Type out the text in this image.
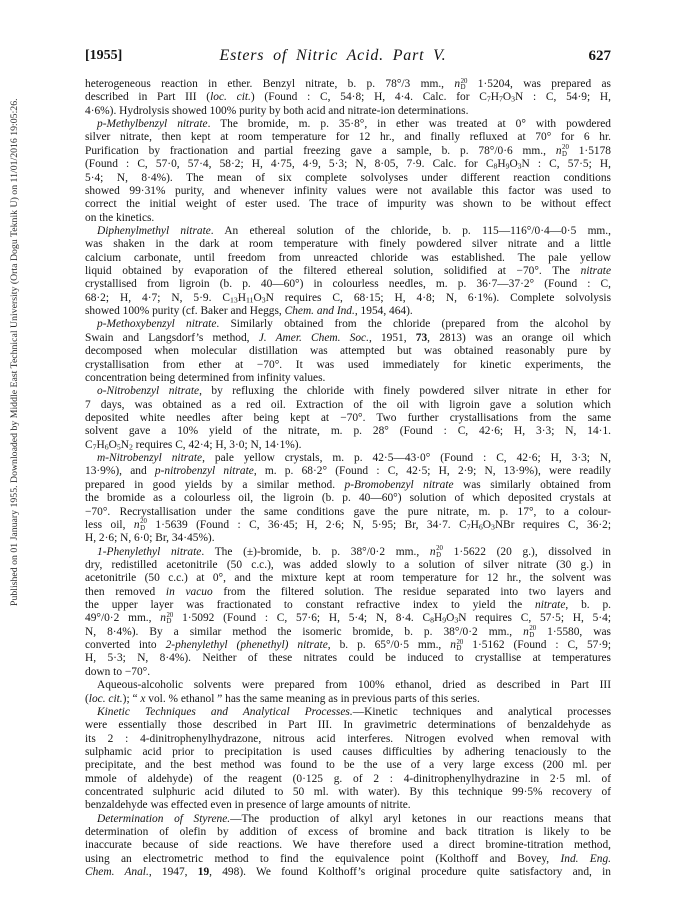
Published on 01 January 1955. Downloaded by Middle East Technical University (Orta Dogu Teknik U) on 11/01/2016 19:05:26.
[1955]	Esters of Nitric Acid. Part V.	627
heterogeneous reaction in ether. Benzyl nitrate, b. p. 78°/3 mm., n 20
D 1·5204, was prepared as
described in Part III (loc. cit.) (Found : C, 54·8; H, 4·4. Calc. for $C_7H_7O_3N$ : C, 54·9; H,
4·6%). Hydrolysis showed 100% purity by both acid and nitrate-ion determinations.
p-Methylbenzyl nitrate. The bromide, m. p. 35·8°, in ether was treated at 0° with powdered
silver nitrate, then kept at room temperature for 12 hr., and finally refluxed at 70° for 6 hr.
Purification by fractionation and partial freezing gave a sample, b. p. 78°/0·6 mm., n 20
D 1·5178
(Found : C, 57·0, 57·4, 58·2; H, 4·75, 4·9, 5·3; N, 8·05, 7·9. Calc. for $C_8H_9O_3N$ : C, 57·5; H,
5·4; N, 8·4%). The mean of six complete solvolyses under different reaction conditions
showed 99·31% purity, and whenever infinity values were not available this factor was used to
correct the initial weight of ester used. The trace of impurity was shown to be without effect
on the kinetics.
Diphenylmethyl nitrate. An ethereal solution of the chloride, b. p. 115—116°/0·4—0·5 mm.,
was shaken in the dark at room temperature with finely powdered silver nitrate and a little
calcium carbonate, until freedom from unreacted chloride was established. The pale yellow
liquid obtained by evaporation of the filtered ethereal solution, solidified at −70°. The nitrate
crystallised from ligroin (b. p. 40—60°) in colourless needles, m. p. 36·7—37·2° (Found : C,
68·2; H, 4·7; N, 5·9. $C_{13}H_{11}O_3N$ requires C, 68·15; H, 4·8; N, 6·1%). Complete solvolysis
showed 100% purity (cf. Baker and Heggs, Chem. and Ind., 1954, 464).
p-Methoxybenzyl nitrate. Similarly obtained from the chloride (prepared from the alcohol by
Swain and Langsdorf’s method, J. Amer. Chem. Soc., 1951, 73, 2813) was an orange oil which
decomposed when molecular distillation was attempted but was obtained reasonably pure by
crystallisation from ether at −70°. It was used immediately for kinetic experiments, the
concentration being determined from infinity values.
o-Nitrobenzyl nitrate, by refluxing the chloride with finely powdered silver nitrate in ether for
7 days, was obtained as a red oil. Extraction of the oil with ligroin gave a solution which
deposited white needles after being kept at −70°. Two further crystallisations from the same
solvent gave a 10% yield of the nitrate, m. p. 28° (Found : C, 42·6; H, 3·3; N, 14·1.
$C_7H_6O_5N_2$ requires C, 42·4; H, 3·0; N, 14·1%).
m-Nitrobenzyl nitrate, pale yellow crystals, m. p. 42·5—43·0° (Found : C, 42·6; H, 3·3; N,
13·9%), and p-nitrobenzyl nitrate, m. p. 68·2° (Found : C, 42·5; H, 2·9; N, 13·9%), were readily
prepared in good yields by a similar method. p-Bromobenzyl nitrate was similarly obtained from
the bromide as a colourless oil, the ligroin (b. p. 40—60°) solution of which deposited crystals at
−70°. Recrystallisation under the same conditions gave the pure nitrate, m. p. 17°, to a colour-
less oil, n 20
D 1·5639 (Found : C, 36·45; H, 2·6; N, 5·95; Br, 34·7. $C_7H_6O_3NBr$ requires C, 36·2;
H, 2·6; N, 6·0; Br, 34·45%).
1-Phenylethyl nitrate. The (±)-bromide, b. p. 38°/0·2 mm., n 20
D 1·5622 (20 g.), dissolved in
dry, redistilled acetonitrile (50 c.c.), was added slowly to a solution of silver nitrate (30 g.) in
acetonitrile (50 c.c.) at 0°, and the mixture kept at room temperature for 12 hr., the solvent was
then removed in vacuo from the filtered solution. The residue separated into two layers and
the upper layer was fractionated to constant refractive index to yield the nitrate, b. p.
49°/0·2 mm., n 20
D 1·5092 (Found : C, 57·6; H, 5·4; N, 8·4. $C_8H_9O_3N$ requires C, 57·5; H, 5·4;
N, 8·4%). By a similar method the isomeric bromide, b. p. 38°/0·2 mm., n 20
D 1·5580, was
converted into 2-phenylethyl (phenethyl) nitrate, b. p. 65°/0·5 mm., n 20
D 1·5162 (Found : C, 57·9;
H, 5·3; N, 8·4%). Neither of these nitrates could be induced to crystallise at temperatures
down to −70°.
Aqueous-alcoholic solvents were prepared from 100% ethanol, dried as described in Part III
(loc. cit.); “ x vol. % ethanol ” has the same meaning as in previous parts of this series.
Kinetic Techniques and Analytical Processes.—Kinetic techniques and analytical processes
were essentially those described in Part III. In gravimetric determinations of benzaldehyde as
its 2 : 4-dinitrophenylhydrazone, nitrous acid interferes. Nitrogen evolved when removal with
sulphamic acid prior to precipitation is used causes difficulties by adhering tenaciously to the
precipitate, and the best method was found to be the use of a very large excess (200 ml. per
mmole of aldehyde) of the reagent (0·125 g. of 2 : 4-dinitrophenylhydrazine in 2·5 ml. of
concentrated sulphuric acid diluted to 50 ml. with water). By this technique 99·5% recovery of
benzaldehyde was effected even in presence of large amounts of nitrite.
Determination of Styrene.—The production of alkyl aryl ketones in our reactions means that
determination of olefin by addition of excess of bromine and back titration is likely to be
inaccurate because of side reactions. We have therefore used a direct bromine-titration method,
using an electrometric method to find the equivalence point (Kolthoff and Bovey, Ind. Eng.
Chem. Anal., 1947, 19, 498). We found Kolthoff’s original procedure quite satisfactory and, in
